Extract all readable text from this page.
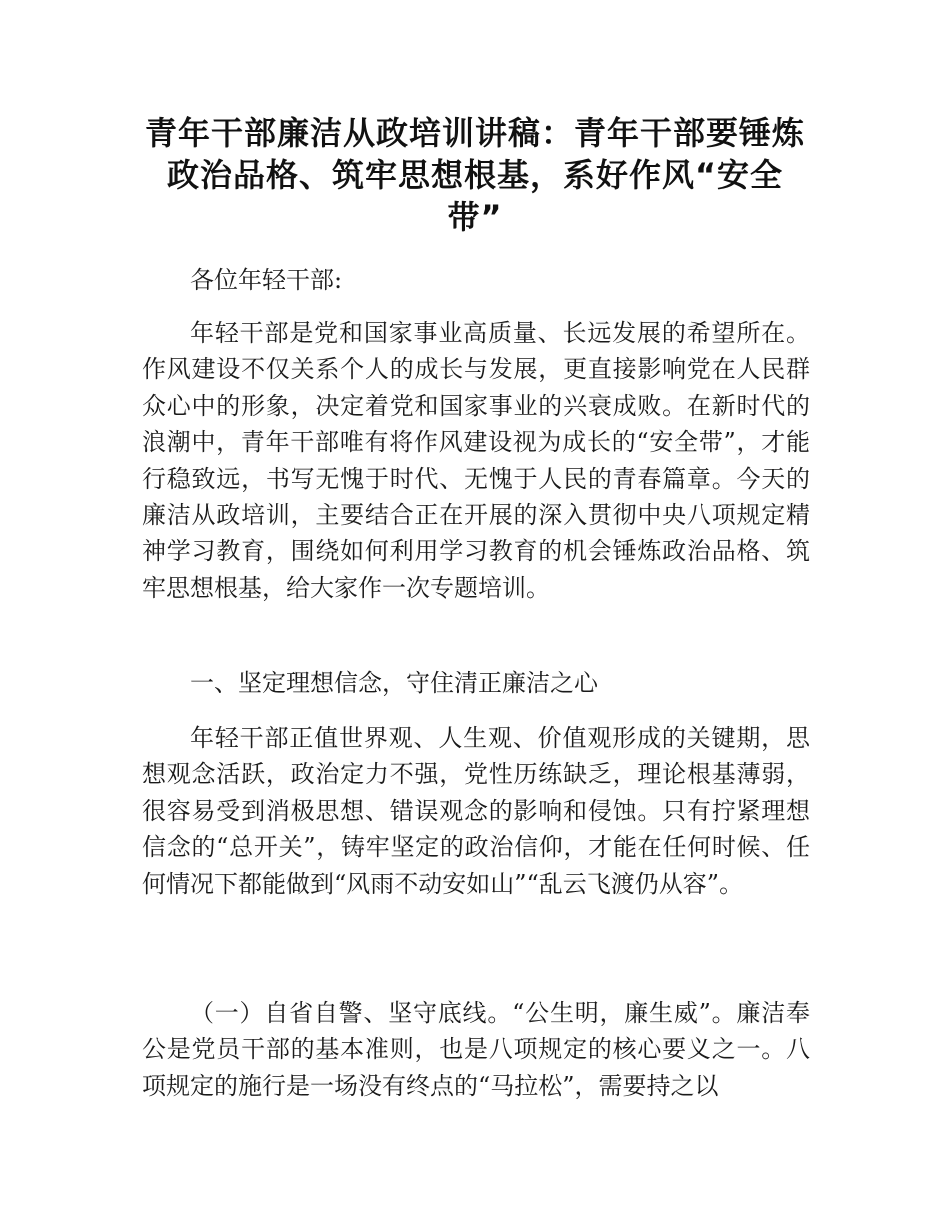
青年干部廉洁从政培训讲稿：青年干部要锤炼政治品格、筑牢思想根基，系好作风“安全带”

各位年轻干部:

年轻干部是党和国家事业高质量、长远发展的希望所在。作风建设不仅关系个人的成长与发展，更直接影响党在人民群众心中的形象，决定着党和国家事业的兴衰成败。在新时代的浪潮中，青年干部唯有将作风建设视为成长的“安全带”，才能行稳致远，书写无愧于时代、无愧于人民的青春篇章。今天的廉洁从政培训，主要结合正在开展的深入贯彻中央八项规定精神学习教育，围绕如何利用学习教育的机会锤炼政治品格、筑牢思想根基，给大家作一次专题培训。

一、坚定理想信念，守住清正廉洁之心

年轻干部正值世界观、人生观、价值观形成的关键期，思想观念活跃，政治定力不强，党性历练缺乏，理论根基薄弱，很容易受到消极思想、错误观念的影响和侵蚀。只有拧紧理想信念的“总开关”，铸牢坚定的政治信仰，才能在任何时候、任何情况下都能做到“风雨不动安如山”“乱云飞渡仍从容”。

（一）自省自警、坚守底线。“公生明，廉生威”。廉洁奉公是党员干部的基本准则，也是八项规定的核心要义之一。八项规定的施行是一场没有终点的“马拉松”，需要持之以
